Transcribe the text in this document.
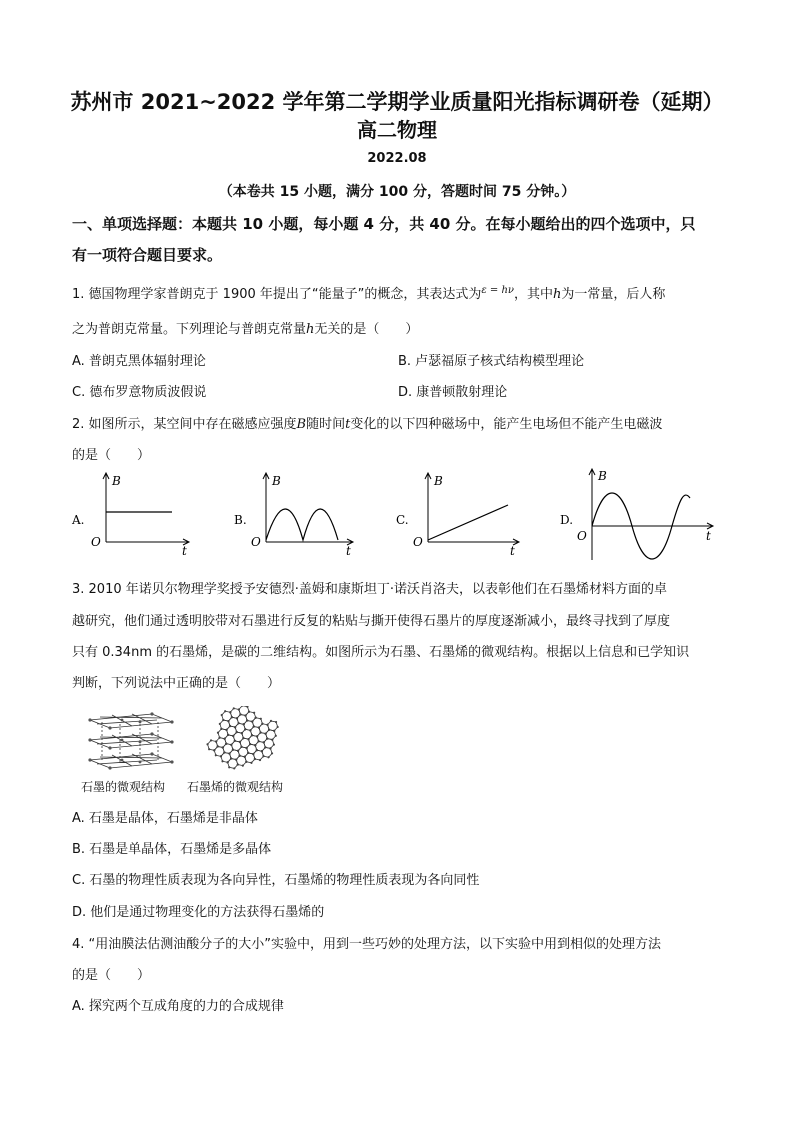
苏州市 2021~2022 学年第二学期学业质量阳光指标调研卷（延期）
高二物理
2022.08
（本卷共 15 小题，满分 100 分，答题时间 75 分钟。）
一、单项选择题：本题共 10 小题，每小题 4 分，共 40 分。在每小题给出的四个选项中，只
有一项符合题目要求。
1. 德国物理学家普朗克于 1900 年提出了“能量子”的概念，其表达式为$^{\varepsilon = h\nu}$，其中h为一常量，后人称
之为普朗克常量。下列理论与普朗克常量h无关的是（　　）
A. 普朗克黑体辐射理论	B. 卢瑟福原子核式结构模型理论
C. 德布罗意物质波假说	D. 康普顿散射理论
2. 如图所示，某空间中存在磁感应强度B随时间t变化的以下四种磁场中，能产生电场但不能产生电磁波
的是（　　）
A.
B
t
O
B.
B
t
O
C.
B
t
O
D.
B
t
O
3. 2010 年诺贝尔物理学奖授予安德烈·盖姆和康斯坦丁·诺沃肖洛夫，以表彰他们在石墨烯材料方面的卓
越研究，他们通过透明胶带对石墨进行反复的粘贴与撕开使得石墨片的厚度逐渐减小，最终寻找到了厚度
只有 0.34nm 的石墨烯，是碳的二维结构。如图所示为石墨、石墨烯的微观结构。根据以上信息和已学知识
判断，下列说法中正确的是（　　）
石墨的微观结构 石墨烯的微观结构
A. 石墨是晶体，石墨烯是非晶体
B. 石墨是单晶体，石墨烯是多晶体
C. 石墨的物理性质表现为各向异性，石墨烯的物理性质表现为各向同性
D. 他们是通过物理变化的方法获得石墨烯的
4. “用油膜法估测油酸分子的大小”实验中，用到一些巧妙的处理方法，以下实验中用到相似的处理方法
的是（　　）
A. 探究两个互成角度的力的合成规律
